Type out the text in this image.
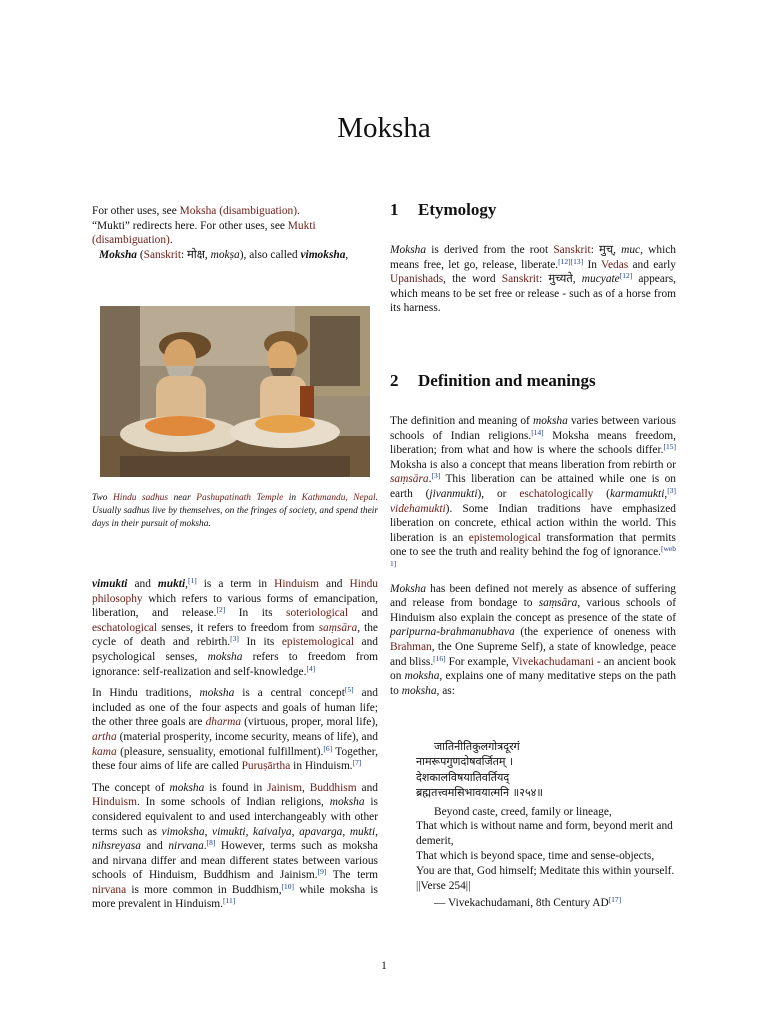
Moksha

For other uses, see Moksha (disambiguation).

“Mukti” redirects here. For other uses, see Mukti (disambiguation).

Moksha (Sanskrit: मोक्ष, mokṣa), also called vimoksha,

Two Hindu sadhus near Pashupatinath Temple in Kathmandu, Nepal. Usually sadhus live by themselves, on the fringes of society, and spend their days in their pursuit of moksha.

vimukti and mukti,[1] is a term in Hinduism and Hindu philosophy which refers to various forms of emancipation, liberation, and release.[2] In its soteriological and eschatological senses, it refers to freedom from saṃsāra, the cycle of death and rebirth.[3] In its epistemological and psychological senses, moksha refers to freedom from ignorance: self-realization and self-knowledge.[4]

In Hindu traditions, moksha is a central concept[5] and included as one of the four aspects and goals of human life; the other three goals are dharma (virtuous, proper, moral life), artha (material prosperity, income security, means of life), and kama (pleasure, sensuality, emotional fulfillment).[6] Together, these four aims of life are called Puruṣārtha in Hinduism.[7]

The concept of moksha is found in Jainism, Buddhism and Hinduism. In some schools of Indian religions, moksha is considered equivalent to and used interchangeably with other terms such as vimoksha, vimukti, kaivalya, apavarga, mukti, nihsreyasa and nirvana.[8] However, terms such as moksha and nirvana differ and mean different states between various schools of Hinduism, Buddhism and Jainism.[9] The term nirvana is more common in Buddhism,[10] while moksha is more prevalent in Hinduism.[11]

1 Etymology

Moksha is derived from the root Sanskrit: मुच्, muc, which means free, let go, release, liberate.[12][13] In Vedas and early Upanishads, the word Sanskrit: मुच्यते, mucyate[12] appears, which means to be set free or release - such as of a horse from its harness.

2 Definition and meanings

The definition and meaning of moksha varies between various schools of Indian religions.[14] Moksha means freedom, liberation; from what and how is where the schools differ.[15] Moksha is also a concept that means liberation from rebirth or saṃsāra.[3] This liberation can be attained while one is on earth (jivanmukti), or eschatologically (karmamukti,[3] videhamukti). Some Indian traditions have emphasized liberation on concrete, ethical action within the world. This liberation is an epistemological transformation that permits one to see the truth and reality behind the fog of ignorance.[web 1]

Moksha has been defined not merely as absence of suffering and release from bondage to saṃsāra, various schools of Hinduism also explain the concept as presence of the state of paripurna-brahmanubhava (the experience of oneness with Brahman, the One Supreme Self), a state of knowledge, peace and bliss.[16] For example, Vivekachudamani - an ancient book on moksha, explains one of many meditative steps on the path to moksha, as:

जातिनीतिकुलगोत्रदूरगं
नामरूपगुणदोषवर्जितम् ।
देशकालविषयातिवर्तियद्
ब्रह्मतत्त्वमसिभावयात्मनि ॥२५४॥
Beyond caste, creed, family or lineage,
That which is without name and form, beyond merit and demerit,
That which is beyond space, time and sense-objects,
You are that, God himself; Meditate this within yourself. ||Verse 254||
— Vivekachudamani, 8th Century AD[17]
1
